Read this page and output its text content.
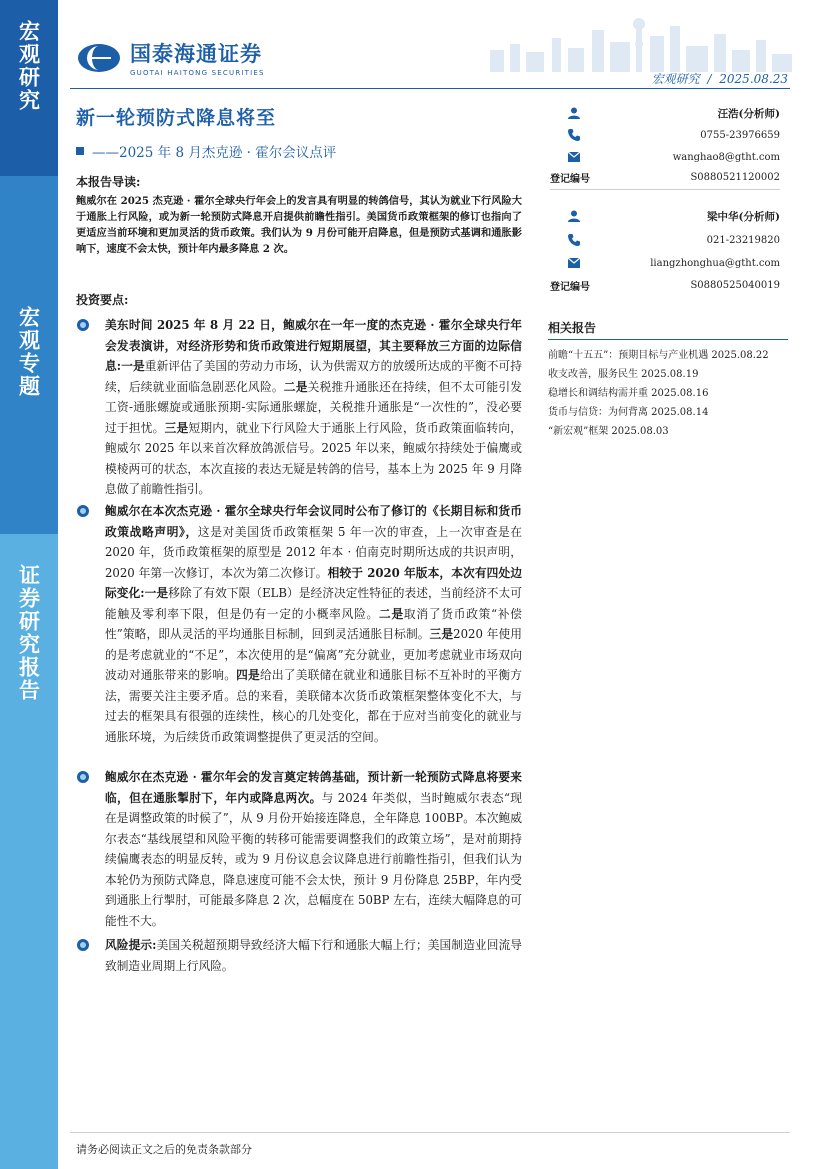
宏观研究
宏观专题
证券研究报告
国泰海通证券
GUOTAI HAITONG SECURITIES	宏观研究 / 2025.08.23
新一轮预防式降息将至
——2025 年 8 月杰克逊 · 霍尔会议点评
汪浩(分析师)
0755-23976659
wanghao8@gtht.com
登记编号	S0880521120002
梁中华(分析师)
021-23219820
liangzhonghua@gtht.com
登记编号	S0880525040019
本报告导读:
鲍威尔在 2025 杰克逊 · 霍尔全球央行年会上的发言具有明显的转鸽信号，其认为就业下行风险大于通胀上行风险，或为新一轮预防式降息开启提供前瞻性指引。美国货币政策框架的修订也指向了更适应当前环境和更加灵活的货币政策。我们认为 9 月份可能开启降息，但是预防式基调和通胀影响下，速度不会太快，预计年内最多降息 2 次。
投资要点:
美东时间 2025 年 8 月 22 日，鲍威尔在一年一度的杰克逊 · 霍尔全球央行年会发表演讲，对经济形势和货币政策进行短期展望，其主要释放三方面的边际信息:一是重新评估了美国的劳动力市场，认为供需双方的放缓所达成的平衡不可持续，后续就业面临急剧恶化风险。二是关税推升通胀还在持续，但不太可能引发工资-通胀螺旋或通胀预期-实际通胀螺旋，关税推升通胀是“一次性的”，没必要过于担忧。三是短期内，就业下行风险大于通胀上行风险，货币政策面临转向，鲍威尔 2025 年以来首次释放鸽派信号。2025 年以来，鲍威尔持续处于偏鹰或模棱两可的状态，本次直接的表达无疑是转鸽的信号，基本上为 2025 年 9 月降息做了前瞻性指引。
鲍威尔在本次杰克逊 · 霍尔全球央行年会议同时公布了修订的《长期目标和货币政策战略声明》，这是对美国货币政策框架 5 年一次的审查，上一次审查是在 2020 年，货币政策框架的原型是 2012 年本 · 伯南克时期所达成的共识声明，2020 年第一次修订，本次为第二次修订。相较于 2020 年版本，本次有四处边际变化:一是移除了有效下限（ELB）是经济决定性特征的表述，当前经济不太可能触及零利率下限，但是仍有一定的小概率风险。二是取消了货币政策“补偿性”策略，即从灵活的平均通胀目标制，回到灵活通胀目标制。三是2020 年使用的是考虑就业的“不足”，本次使用的是“偏离”充分就业，更加考虑就业市场双向波动对通胀带来的影响。四是给出了美联储在就业和通胀目标不互补时的平衡方法，需要关注主要矛盾。总的来看，美联储本次货币政策框架整体变化不大，与过去的框架具有很强的连续性，核心的几处变化，都在于应对当前变化的就业与通胀环境，为后续货币政策调整提供了更灵活的空间。
鲍威尔在杰克逊 · 霍尔年会的发言奠定转鸽基础，预计新一轮预防式降息将要来临，但在通胀掣肘下，年内或降息两次。与 2024 年类似，当时鲍威尔表态“现在是调整政策的时候了”，从 9 月份开始接连降息，全年降息 100BP。本次鲍威尔表态“基线展望和风险平衡的转移可能需要调整我们的政策立场”，是对前期持续偏鹰表态的明显反转，或为 9 月份议息会议降息进行前瞻性指引，但我们认为本轮仍为预防式降息，降息速度可能不会太快，预计 9 月份降息 25BP，年内受到通胀上行掣肘，可能最多降息 2 次，总幅度在 50BP 左右，连续大幅降息的可能性不大。
风险提示:美国关税超预期导致经济大幅下行和通胀大幅上行；美国制造业回流导致制造业周期上行风险。
相关报告
前瞻“十五五”：预期目标与产业机遇 2025.08.22
收支改善，服务民生 2025.08.19
稳增长和调结构需并重 2025.08.16
货币与信贷：为何背离 2025.08.14
“新宏观”框架 2025.08.03
请务必阅读正文之后的免责条款部分
